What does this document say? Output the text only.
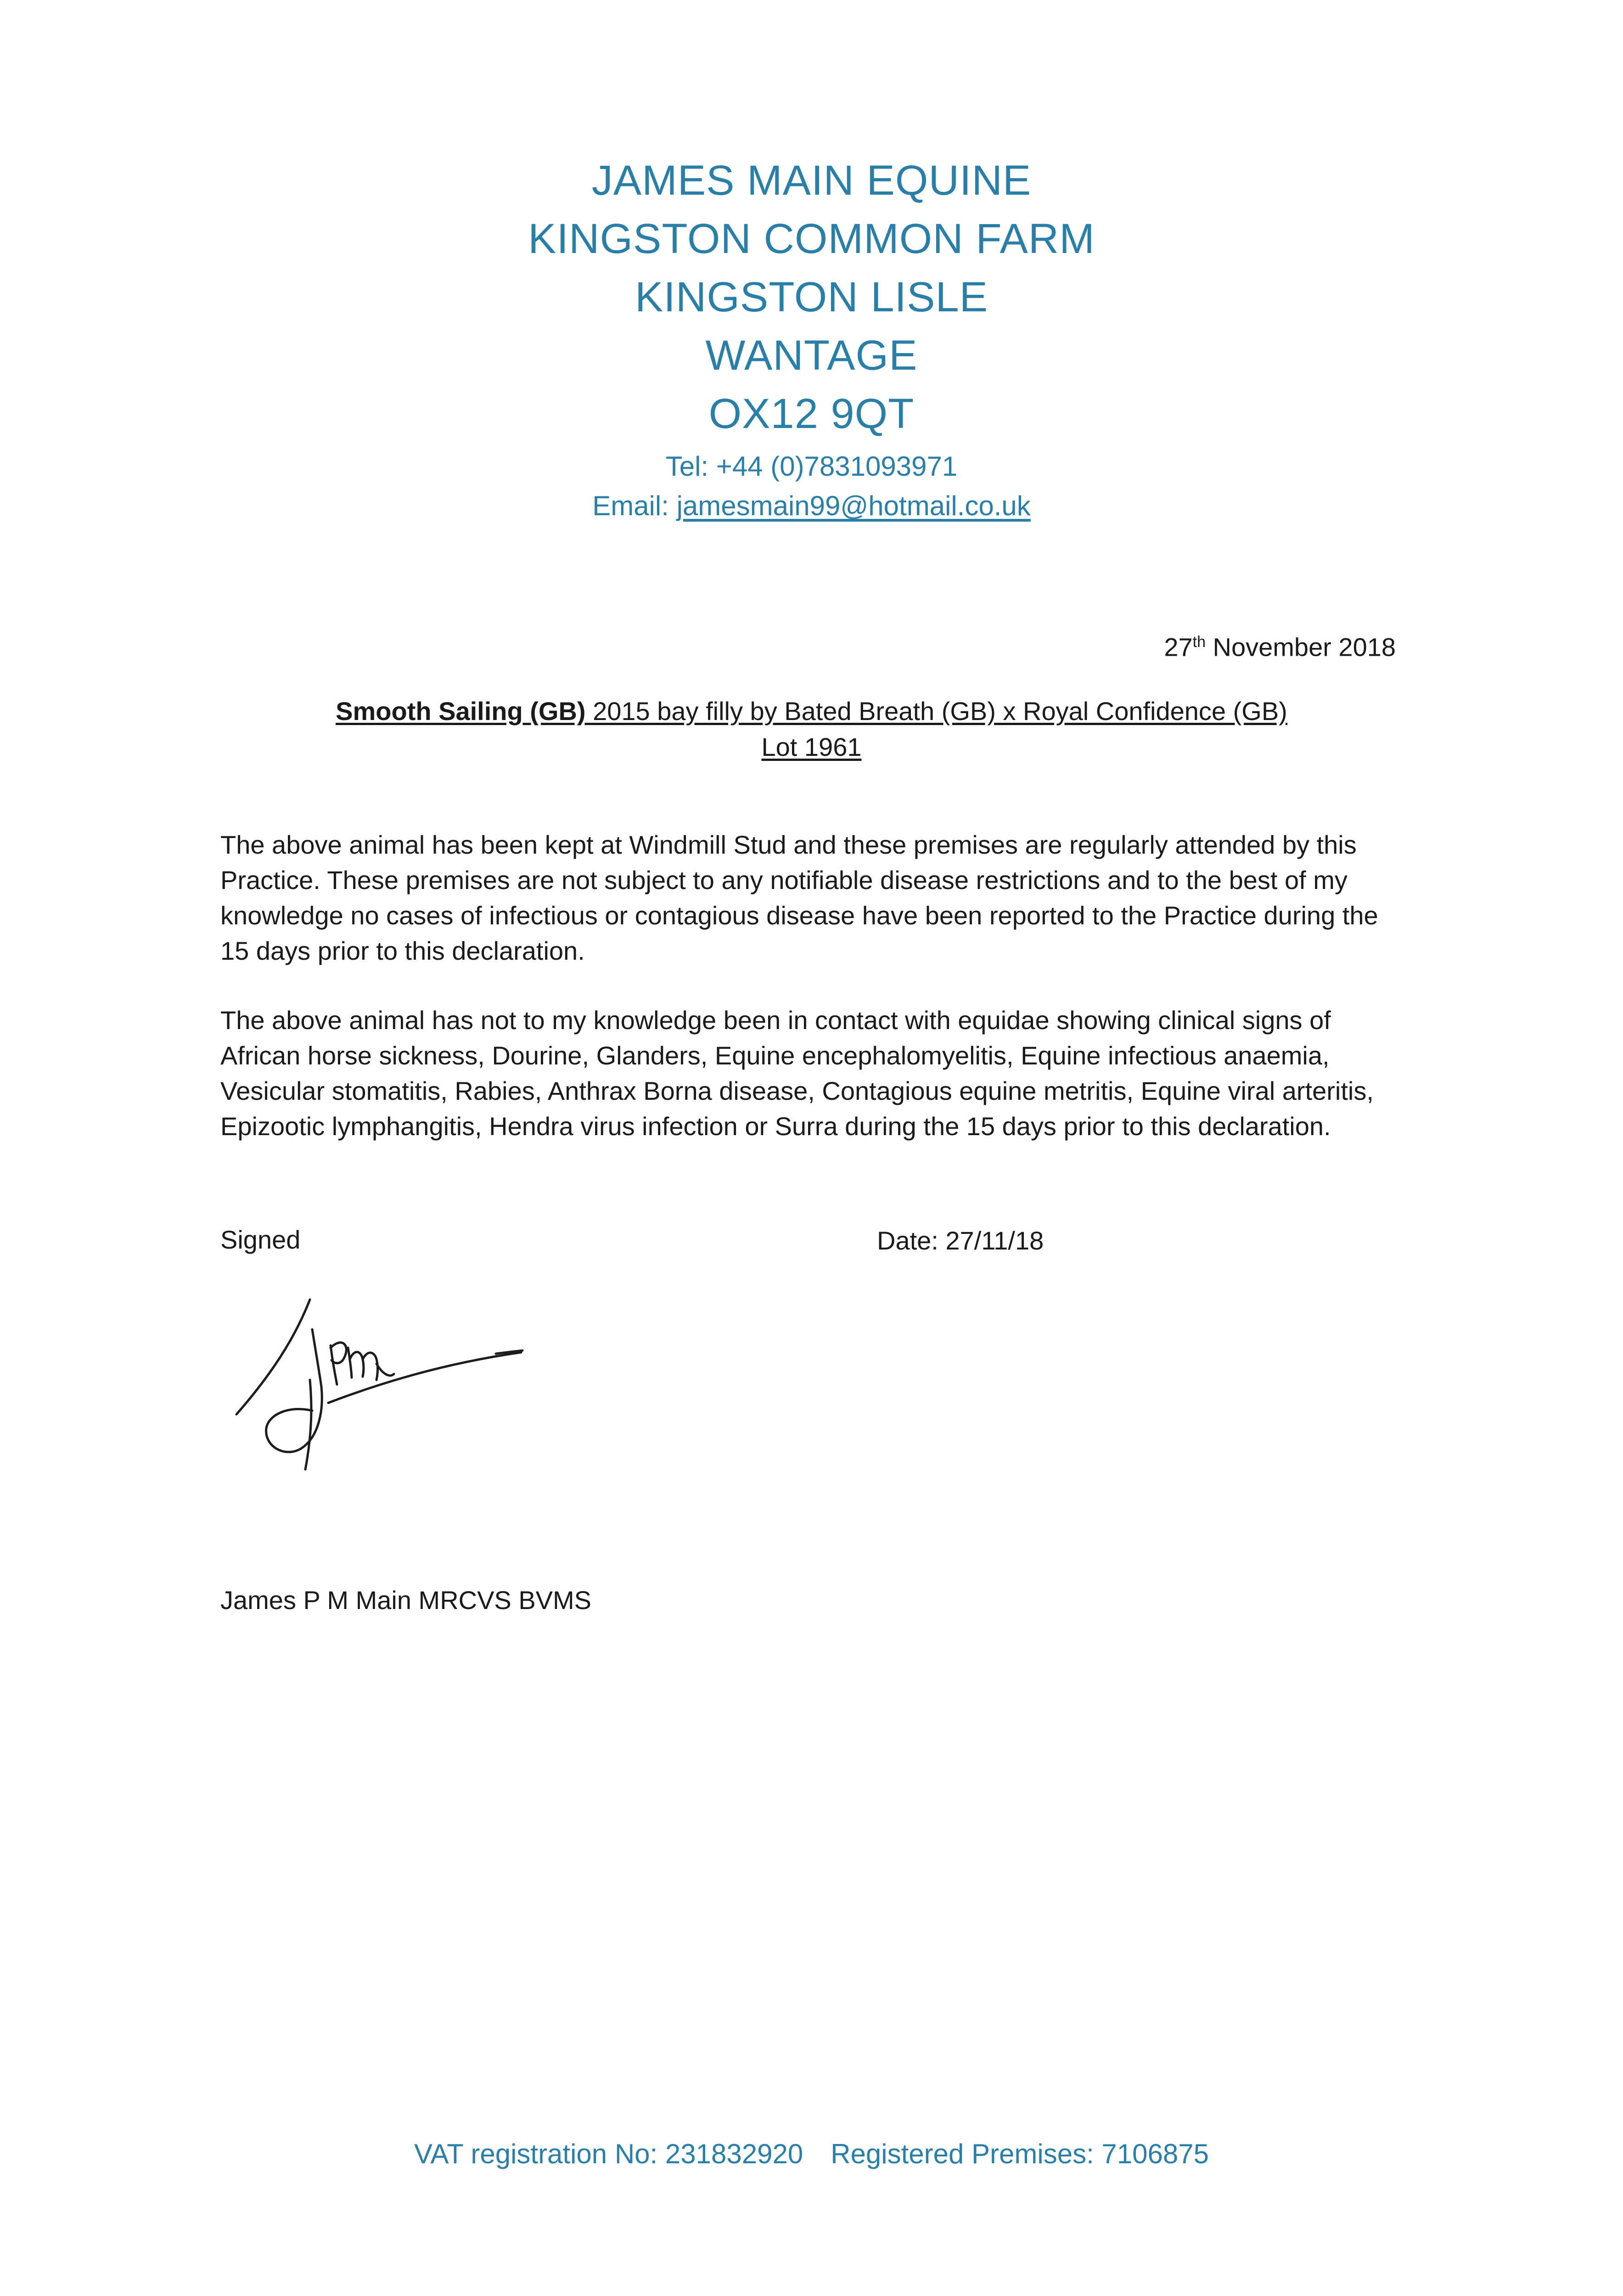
JAMES MAIN EQUINE
KINGSTON COMMON FARM
KINGSTON LISLE
WANTAGE
OX12 9QT
Tel: +44 (0)7831093971
Email: jamesmain99@hotmail.co.uk
27th November 2018
Smooth Sailing (GB) 2015 bay filly by Bated Breath (GB) x Royal Confidence (GB)
Lot 1961

The above animal has been kept at Windmill Stud and these premises are regularly attended by this Practice. These premises are not subject to any notifiable disease restrictions and to the best of my knowledge no cases of infectious or contagious disease have been reported to the Practice during the 15 days prior to this declaration.

The above animal has not to my knowledge been in contact with equidae showing clinical signs of African horse sickness, Dourine, Glanders, Equine encephalomyelitis, Equine infectious anaemia, Vesicular stomatitis, Rabies, Anthrax Borna disease, Contagious equine metritis, Equine viral arteritis, Epizootic lymphangitis, Hendra virus infection or Surra during the 15 days prior to this declaration.

Signed	Date: 27/11/18
James P M Main MRCVS BVMS
VAT registration No: 231832920 Registered Premises: 7106875
